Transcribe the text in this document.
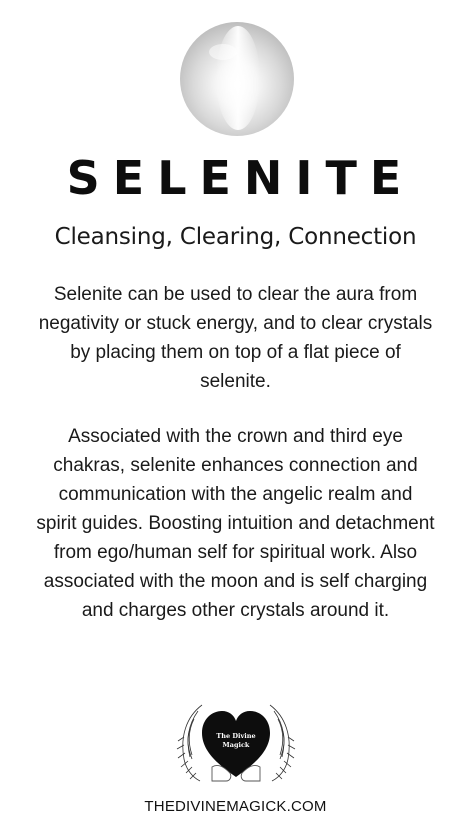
SELENITE
Cleansing, Clearing, Connection

Selenite can be used to clear the aura from negativity or stuck energy, and to clear crystals by placing them on top of a flat piece of selenite.

Associated with the crown and third eye chakras, selenite enhances connection and communication with the angelic realm and spirit guides. Boosting intuition and detachment from ego/human self for spiritual work. Also associated with the moon and is self charging and charges other crystals around it.

The Divine
Magick
THEDIVINEMAGICK.COM
